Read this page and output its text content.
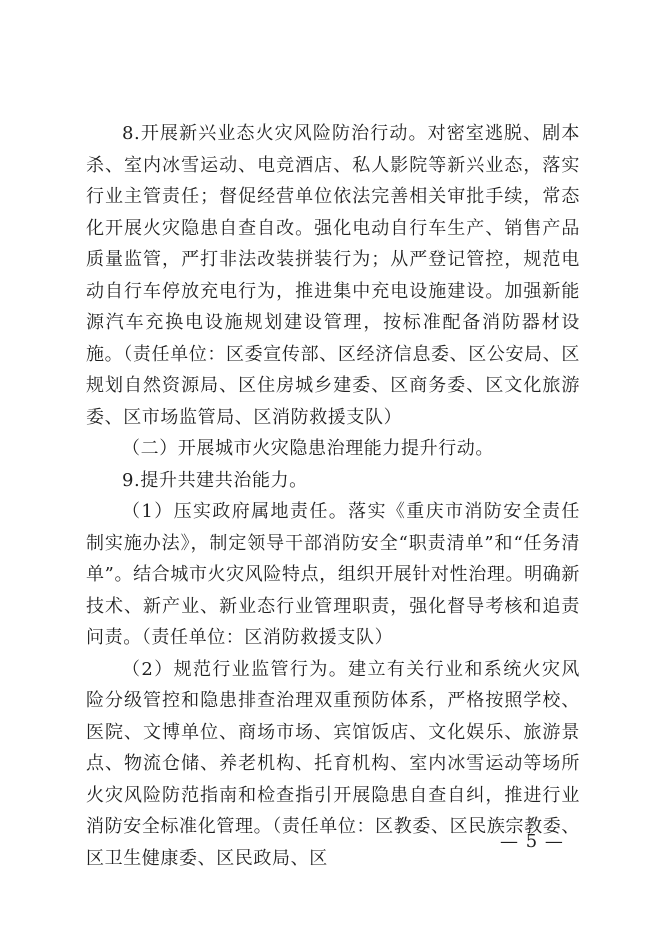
8.开展新兴业态火灾风险防治行动。对密室逃脱、剧本杀、室内冰雪运动、电竞酒店、私人影院等新兴业态，落实行业主管责任；督促经营单位依法完善相关审批手续，常态化开展火灾隐患自查自改。强化电动自行车生产、销售产品质量监管，严打非法改装拼装行为；从严登记管控，规范电动自行车停放充电行为，推进集中充电设施建设。加强新能源汽车充换电设施规划建设管理，按标准配备消防器材设施。（责任单位：区委宣传部、区经济信息委、区公安局、区规划自然资源局、区住房城乡建委、区商务委、区文化旅游委、区市场监管局、区消防救援支队）

（二）开展城市火灾隐患治理能力提升行动。

9.提升共建共治能力。

（1）压实政府属地责任。落实《重庆市消防安全责任制实施办法》，制定领导干部消防安全“职责清单”和“任务清单”。结合城市火灾风险特点，组织开展针对性治理。明确新技术、新产业、新业态行业管理职责，强化督导考核和追责问责。（责任单位：区消防救援支队）

（2）规范行业监管行为。建立有关行业和系统火灾风险分级管控和隐患排查治理双重预防体系，严格按照学校、医院、文博单位、商场市场、宾馆饭店、文化娱乐、旅游景点、物流仓储、养老机构、托育机构、室内冰雪运动等场所火灾风险防范指南和检查指引开展隐患自查自纠，推进行业消防安全标准化管理。（责任单位：区教委、区民族宗教委、区卫生健康委、区民政局、区

— 5 —
